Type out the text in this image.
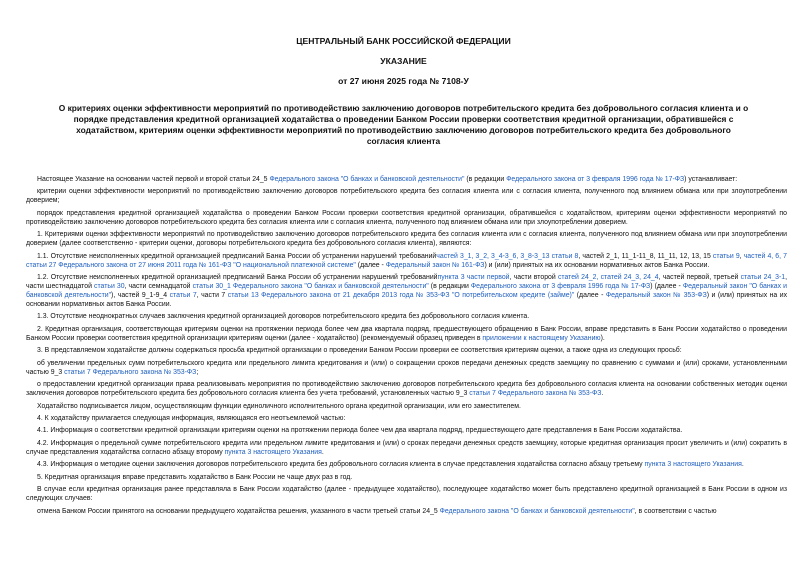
ЦЕНТРАЛЬНЫЙ БАНК РОССИЙСКОЙ ФЕДЕРАЦИИ
УКАЗАНИЕ
от 27 июня 2025 года № 7108-У
О критериях оценки эффективности мероприятий по противодействию заключению договоров потребительского кредита без добровольного согласия клиента и о порядке представления кредитной организацией ходатайства о проведении Банком России проверки соответствия кредитной организации, обратившейся с ходатайством, критериям оценки эффективности мероприятий по противодействию заключению договоров потребительского кредита без добровольного согласия клиента

Настоящее Указание на основании частей первой и второй статьи 24_5 Федерального закона "О банках и банковской деятельности" (в редакции Федерального закона от 3 февраля 1996 года № 17-ФЗ) устанавливает:

критерии оценки эффективности мероприятий по противодействию заключению договоров потребительского кредита без согласия клиента или с согласия клиента, полученного под влиянием обмана или при злоупотреблении доверием;

порядок представления кредитной организацией ходатайства о проведении Банком России проверки соответствия кредитной организации, обратившейся с ходатайством, критериям оценки эффективности мероприятий по противодействию заключению договоров потребительского кредита без согласия клиента или с согласия клиента, полученного под влиянием обмана или при злоупотреблении доверием.

1. Критериями оценки эффективности мероприятий по противодействию заключению договоров потребительского кредита без согласия клиента или с согласия клиента, полученного под влиянием обмана или при злоупотреблении доверием (далее соответственно - критерии оценки, договоры потребительского кредита без добровольного согласия клиента), являются:

1.1. Отсутствие неисполненных кредитной организацией предписаний Банка России об устранении нарушений требованийчастей 3_1, 3_2, 3_4-3_6, 3_8-3_13 статьи 8, частей 2_1, 11_1-11_8, 11_11, 12, 13, 15 статьи 9, частей 4, 6, 7 статьи 27 Федерального закона от 27 июня 2011 года № 161-ФЗ "О национальной платежной системе" (далее - Федеральный закон № 161-ФЗ) и (или) принятых на их основании нормативных актов Банка России.

1.2. Отсутствие неисполненных кредитной организацией предписаний Банка России об устранении нарушений требованийпункта 3 части первой, части второй статей 24_2, статей 24_3, 24_4, частей первой, третьей статьи 24_3-1, части шестнадцатой статьи 30, части семнадцатой статьи 30_1 Федерального закона "О банках и банковской деятельности" (в редакции Федерального закона от 3 февраля 1996 года № 17-ФЗ) (далее - Федеральный закон "О банках и банковской деятельности"), частей 9_1-9_4 статьи 7, части 7 статьи 13 Федерального закона от 21 декабря 2013 года № 353-ФЗ "О потребительском кредите (займе)" (далее - Федеральный закон № 353-ФЗ) и (или) принятых на их основании нормативных актов Банка России.

1.3. Отсутствие неоднократных случаев заключения кредитной организацией договоров потребительского кредита без добровольного согласия клиента.

2. Кредитная организация, соответствующая критериям оценки на протяжении периода более чем два квартала подряд, предшествующего обращению в Банк России, вправе представить в Банк России ходатайство о проведении Банком России проверки соответствия кредитной организации критериям оценки (далее - ходатайство) (рекомендуемый образец приведен в приложении к настоящему Указанию).

3. В представляемом ходатайстве должны содержаться просьба кредитной организации о проведении Банком России проверки ее соответствия критериям оценки, а также одна из следующих просьб:

об увеличении предельных сумм потребительского кредита или предельного лимита кредитования и (или) о сокращении сроков передачи денежных средств заемщику по сравнению с суммами и (или) сроками, установленными частью 9_3 статьи 7 Федерального закона № 353-ФЗ;

о предоставлении кредитной организации права реализовывать мероприятия по противодействию заключению договоров потребительского кредита без добровольного согласия клиента на основании собственных методик оценки заключения договоров потребительского кредита без добровольного согласия клиента без учета требований, установленных частью 9_3 статьи 7 Федерального закона № 353-ФЗ.

Ходатайство подписывается лицом, осуществляющим функции единоличного исполнительного органа кредитной организации, или его заместителем.

4. К ходатайству прилагается следующая информация, являющаяся его неотъемлемой частью:

4.1. Информация о соответствии кредитной организации критериям оценки на протяжении периода более чем два квартала подряд, предшествующего дате представления в Банк России ходатайства.

4.2. Информация о предельной сумме потребительского кредита или предельном лимите кредитования и (или) о сроках передачи денежных средств заемщику, которые кредитная организация просит увеличить и (или) сократить в случае представления ходатайства согласно абзацу второму пункта 3 настоящего Указания.

4.3. Информация о методике оценки заключения договоров потребительского кредита без добровольного согласия клиента в случае представления ходатайства согласно абзацу третьему пункта 3 настоящего Указания.

5. Кредитная организация вправе представить ходатайство в Банк России не чаще двух раз в год.

В случае если кредитная организация ранее представляла в Банк России ходатайство (далее - предыдущее ходатайство), последующее ходатайство может быть представлено кредитной организацией в Банк России в одном из следующих случаев:

отмена Банком России принятого на основании предыдущего ходатайства решения, указанного в части третьей статьи 24_5 Федерального закона "О банках и банковской деятельности", в соответствии с частью
